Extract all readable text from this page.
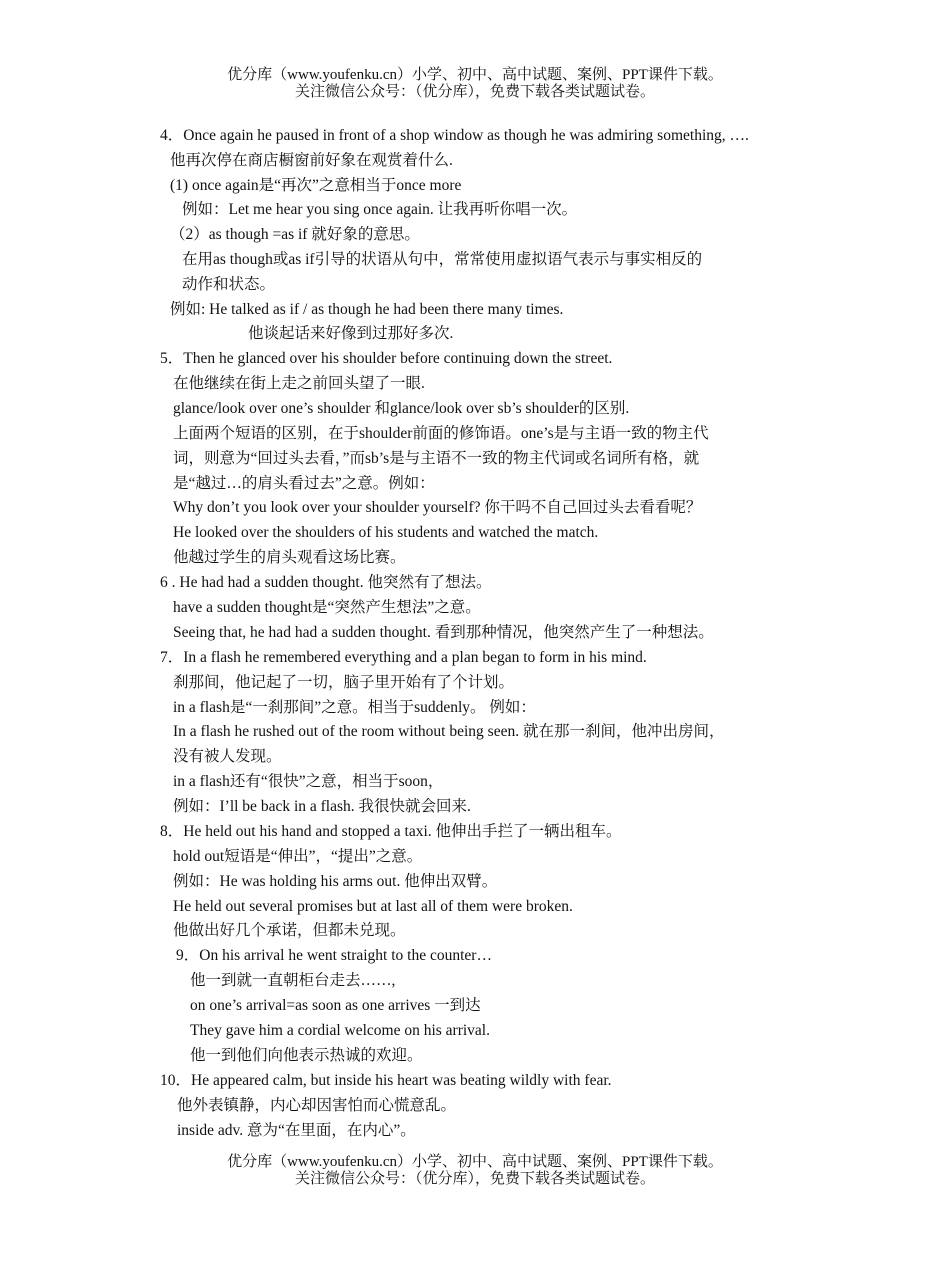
优分库（www.youfenku.cn）小学、初中、高中试题、案例、PPT课件下载。
关注微信公众号：（优分库），免费下载各类试题试卷。
4．Once again he paused in front of a shop window as though he was admiring something, ….
他再次停在商店橱窗前好象在观赏着什么.
(1) once again是“再次”之意相当于once more
例如：Let me hear you sing once again. 让我再听你唱一次。
（2）as though =as if 就好象的意思。
在用as though或as if引导的状语从句中，常常使用虚拟语气表示与事实相反的
动作和状态。
例如: He talked as if / as though he had been there many times.
他谈起话来好像到过那好多次.
5．Then he glanced over his shoulder before continuing down the street.
在他继续在街上走之前回头望了一眼.
glance/look over one’s shoulder 和glance/look over sb’s shoulder的区别.
上面两个短语的区别，在于shoulder前面的修饰语。one’s是与主语一致的物主代
词，则意为“回过头去看，”而sb’s是与主语不一致的物主代词或名词所有格，就
是“越过…的肩头看过去”之意。例如：
Why don’t you look over your shoulder yourself? 你干吗不自己回过头去看看呢？
He looked over the shoulders of his students and watched the match.
他越过学生的肩头观看这场比赛。
6 . He had had a sudden thought. 他突然有了想法。
have a sudden thought是“突然产生想法”之意。
Seeing that, he had had a sudden thought. 看到那种情况，他突然产生了一种想法。
7．In a flash he remembered everything and a plan began to form in his mind.
刹那间，他记起了一切，脑子里开始有了个计划。
in a flash是“一刹那间”之意。相当于suddenly。 例如：
In a flash he rushed out of the room without being seen. 就在那一刹间，他冲出房间，
没有被人发现。
in a flash还有“很快”之意，相当于soon，
例如：I’ll be back in a flash. 我很快就会回来.
8．He held out his hand and stopped a taxi. 他伸出手拦了一辆出租车。
hold out短语是“伸出”，“提出”之意。
例如：He was holding his arms out. 他伸出双臂。
He held out several promises but at last all of them were broken.
他做出好几个承诺，但都未兑现。
9．On his arrival he went straight to the counter…
他一到就一直朝柜台走去……,
on one’s arrival=as soon as one arrives 一到达
They gave him a cordial welcome on his arrival.
他一到他们向他表示热诚的欢迎。
10．He appeared calm, but inside his heart was beating wildly with fear.
他外表镇静，内心却因害怕而心慌意乱。
inside adv. 意为“在里面，在内心”。
优分库（www.youfenku.cn）小学、初中、高中试题、案例、PPT课件下载。
关注微信公众号：（优分库），免费下载各类试题试卷。
